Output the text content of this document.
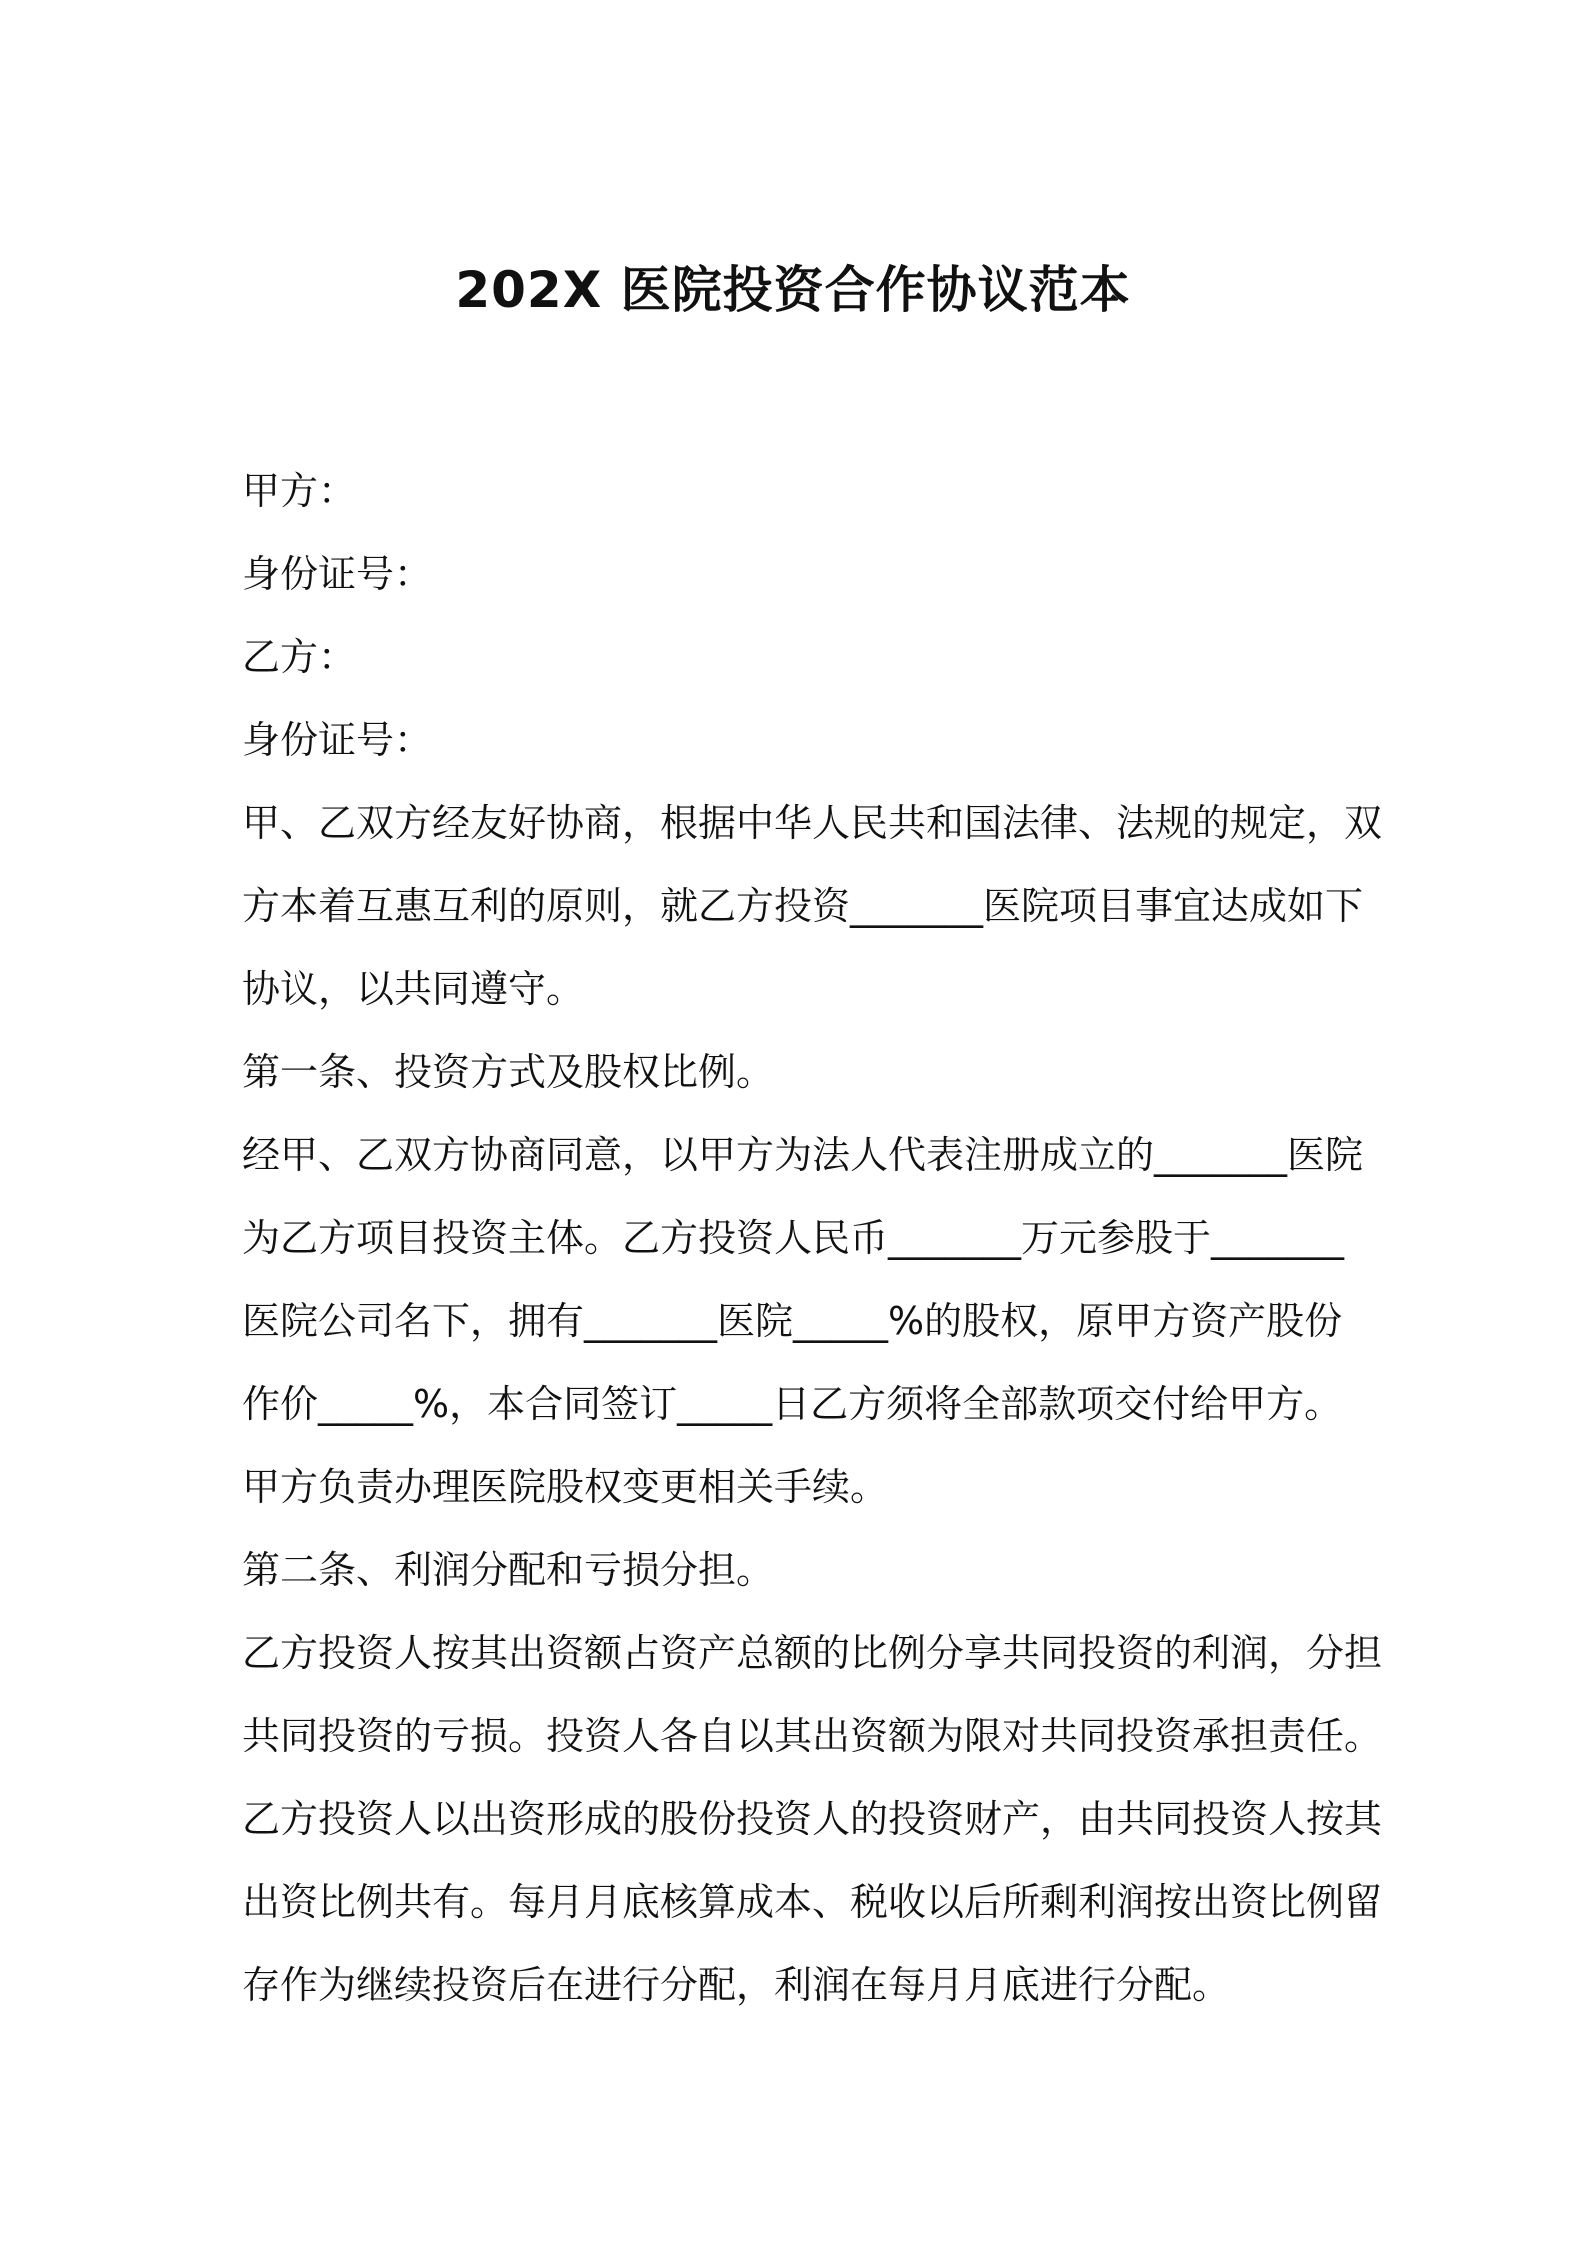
202X 医院投资合作协议范本
甲方：
身份证号：
乙方：
身份证号：
甲、乙双方经友好协商，根据中华人民共和国法律、法规的规定，双
方本着互惠互利的原则，就乙方投资_______医院项目事宜达成如下
协议，以共同遵守。
第一条、投资方式及股权比例。
经甲、乙双方协商同意，以甲方为法人代表注册成立的_______医院
为乙方项目投资主体。乙方投资人民币_______万元参股于_______
医院公司名下，拥有_______医院_____%的股权，原甲方资产股份
作价_____%，本合同签订_____日乙方须将全部款项交付给甲方。
甲方负责办理医院股权变更相关手续。
第二条、利润分配和亏损分担。
乙方投资人按其出资额占资产总额的比例分享共同投资的利润，分担
共同投资的亏损。投资人各自以其出资额为限对共同投资承担责任。
乙方投资人以出资形成的股份投资人的投资财产，由共同投资人按其
出资比例共有。每月月底核算成本、税收以后所剩利润按出资比例留
存作为继续投资后在进行分配，利润在每月月底进行分配。
